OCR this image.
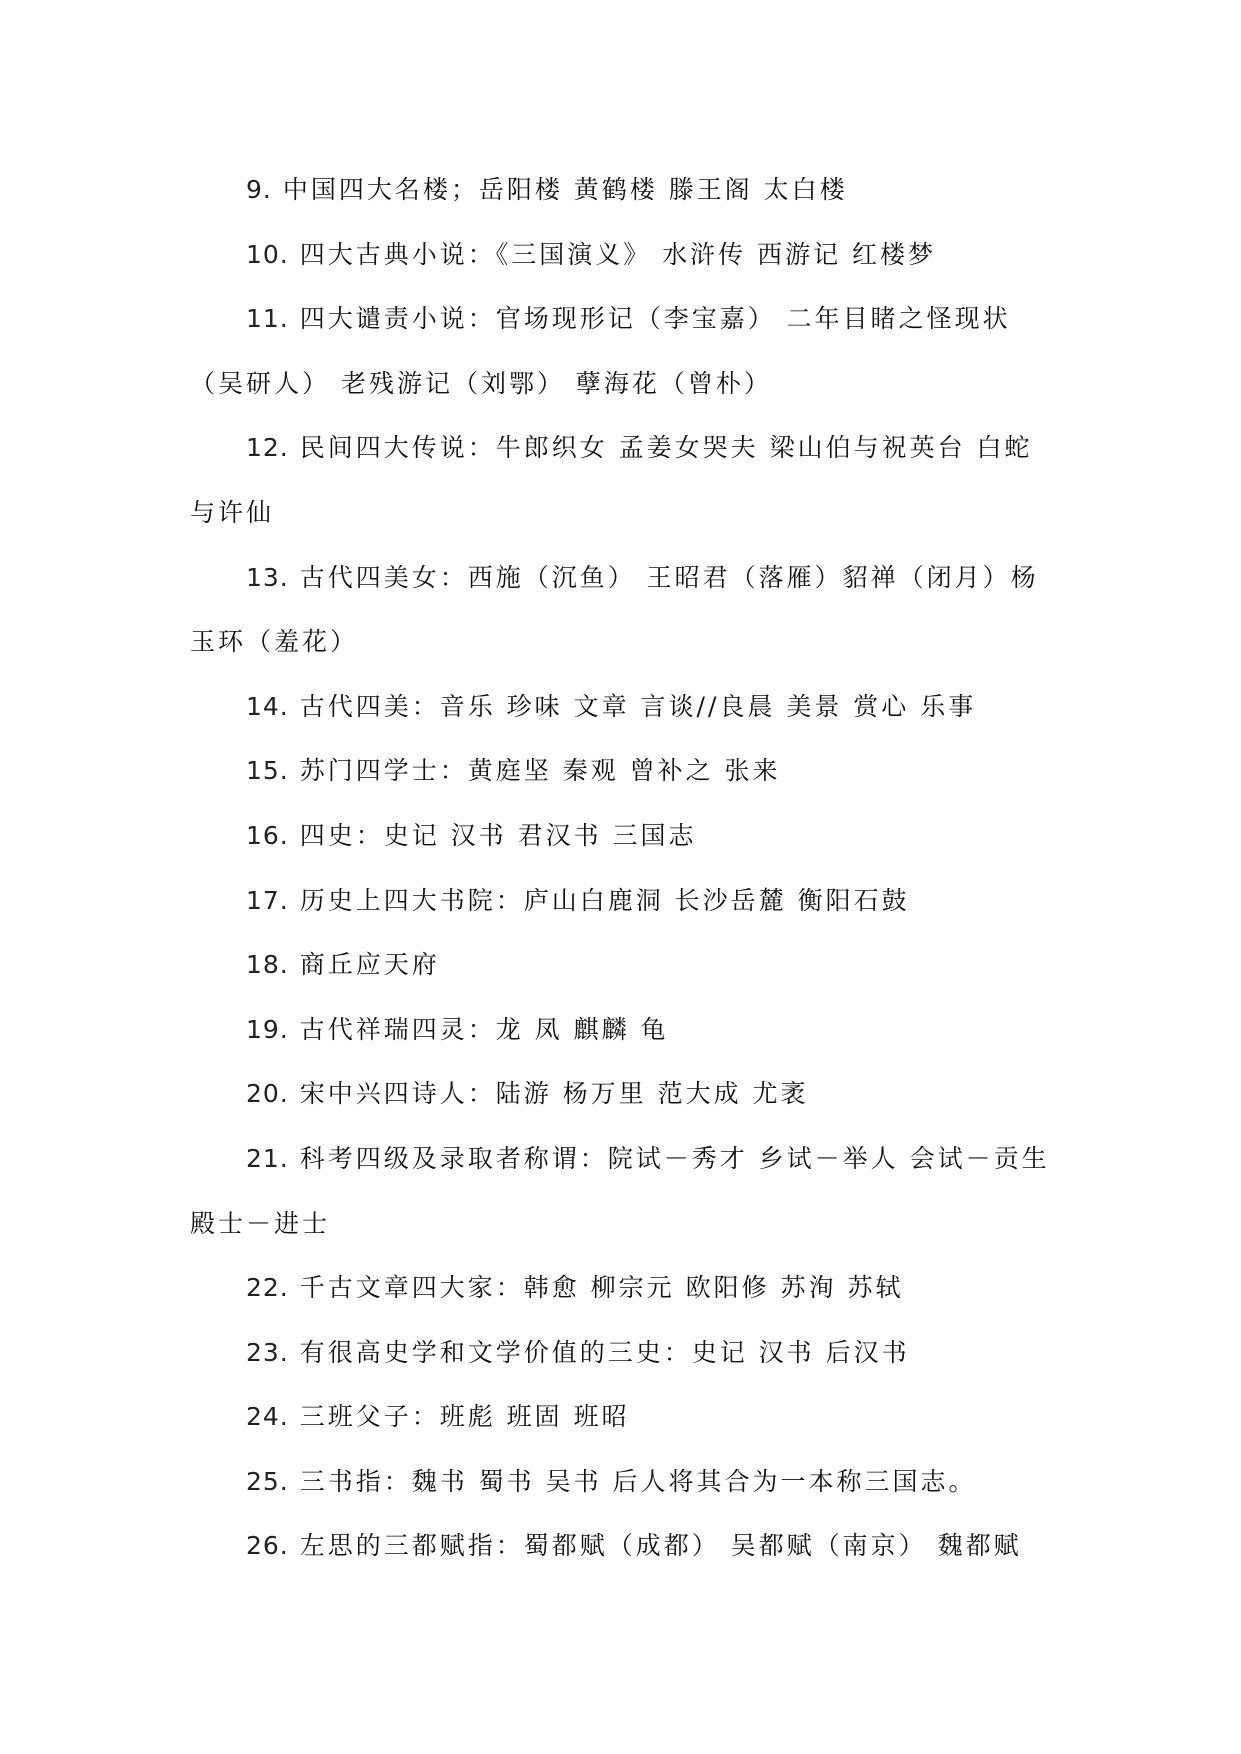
9. 中国四大名楼；岳阳楼 黄鹤楼 滕王阁 太白楼

10. 四大古典小说：《三国演义》 水浒传 西游记 红楼梦

11. 四大谴责小说：官场现形记（李宝嘉） 二年目睹之怪现状（吴研人） 老残游记（刘鄂） 孽海花（曾朴）

12. 民间四大传说：牛郎织女 孟姜女哭夫 梁山伯与祝英台 白蛇与许仙

13. 古代四美女：西施（沉鱼） 王昭君（落雁）貂禅（闭月）杨玉环（羞花）

14. 古代四美：音乐 珍味 文章 言谈//良晨 美景 赏心 乐事

15. 苏门四学士：黄庭坚 秦观 曾补之 张来

16. 四史：史记 汉书 君汉书 三国志

17. 历史上四大书院：庐山白鹿洞 长沙岳麓 衡阳石鼓

18. 商丘应天府

19. 古代祥瑞四灵：龙 凤 麒麟 龟

20. 宋中兴四诗人：陆游 杨万里 范大成 尤袤

21. 科考四级及录取者称谓：院试－秀才 乡试－举人 会试－贡生 殿士－进士

22. 千古文章四大家：韩愈 柳宗元 欧阳修 苏洵 苏轼

23. 有很高史学和文学价值的三史：史记 汉书 后汉书

24. 三班父子：班彪 班固 班昭

25. 三书指：魏书 蜀书 吴书 后人将其合为一本称三国志。

26. 左思的三都赋指：蜀都赋（成都） 吴都赋（南京） 魏都赋
